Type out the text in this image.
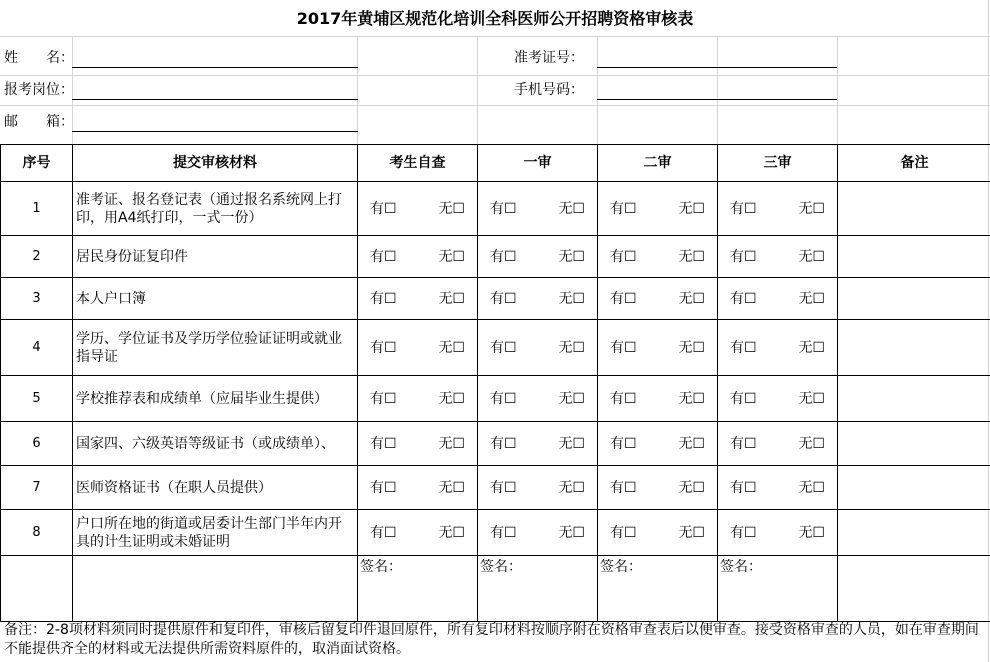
2017年黄埔区规范化培训全科医师公开招聘资格审核表
姓　　名：	准考证号：
报考岗位：	手机号码：
邮　　箱：
序号	提交审核材料	考生自查	一审	二审	三审	备注
1	准考证、报名登记表（通过报名系统网上打印，用A4纸打印，一式一份）	有☐ 无☐	有☐ 无☐	有☐ 无☐	有☐ 无☐	

2	居民身份证复印件	有☐ 无☐	有☐ 无☐	有☐ 无☐	有☐ 无☐	

3	本人户口簿	有☐ 无☐	有☐ 无☐	有☐ 无☐	有☐ 无☐	

4	学历、学位证书及学历学位验证证明或就业指导证	有☐ 无☐	有☐ 无☐	有☐ 无☐	有☐ 无☐	

5	学校推荐表和成绩单（应届毕业生提供）	有☐ 无☐	有☐ 无☐	有☐ 无☐	有☐ 无☐	

6	国家四、六级英语等级证书（或成绩单）、	有☐ 无☐	有☐ 无☐	有☐ 无☐	有☐ 无☐	

7	医师资格证书（在职人员提供）	有☐ 无☐	有☐ 无☐	有☐ 无☐	有☐ 无☐	

8	户口所在地的街道或居委计生部门半年内开具的计生证明或未婚证明	有☐ 无☐	有☐ 无☐	有☐ 无☐	有☐ 无☐	

		签名：	签名：	签名：	签名：	
备注：2-8项材料须同时提供原件和复印件，审核后留复印件退回原件，所有复印材料按顺序附在资格审查表后以便审查。接受资格审查的人员，如在审查期间不能提供齐全的材料或无法提供所需资料原件的，取消面试资格。
